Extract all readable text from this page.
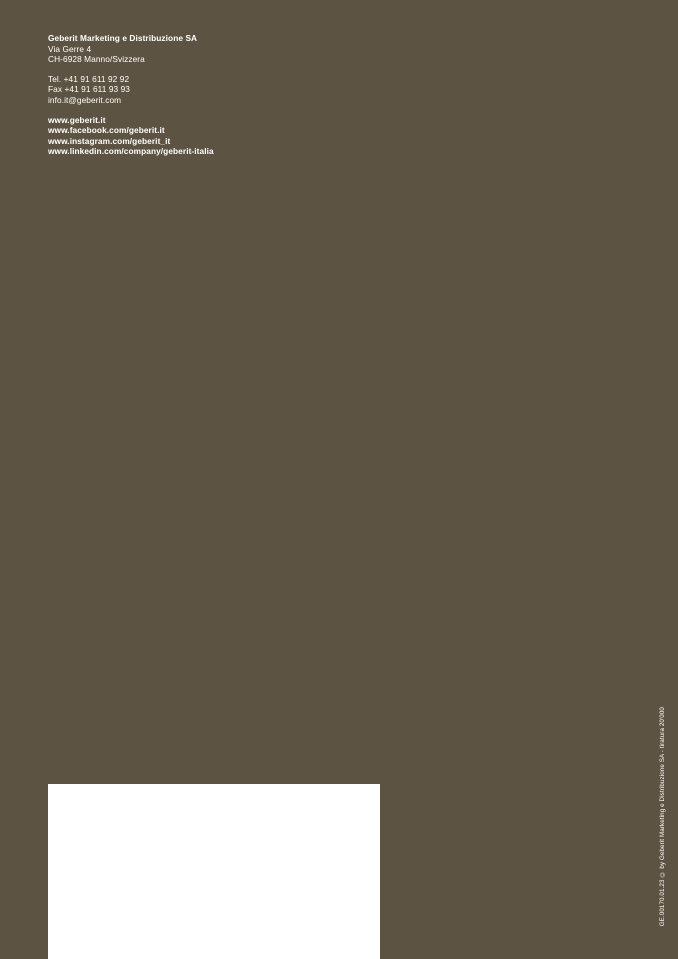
Geberit Marketing e Distribuzione SA
Via Gerre 4
CH-6928 Manno/Svizzera
Tel. +41 91 611 92 92
Fax +41 91 611 93 93
info.it@geberit.com
www.geberit.it
www.facebook.com/geberit.it
www.instagram.com/geberit_it
www.linkedin.com/company/geberit-italia
GE.00170.01.23 © by Geberit Marketing e Distribuzione SA - tiratura 20'000
